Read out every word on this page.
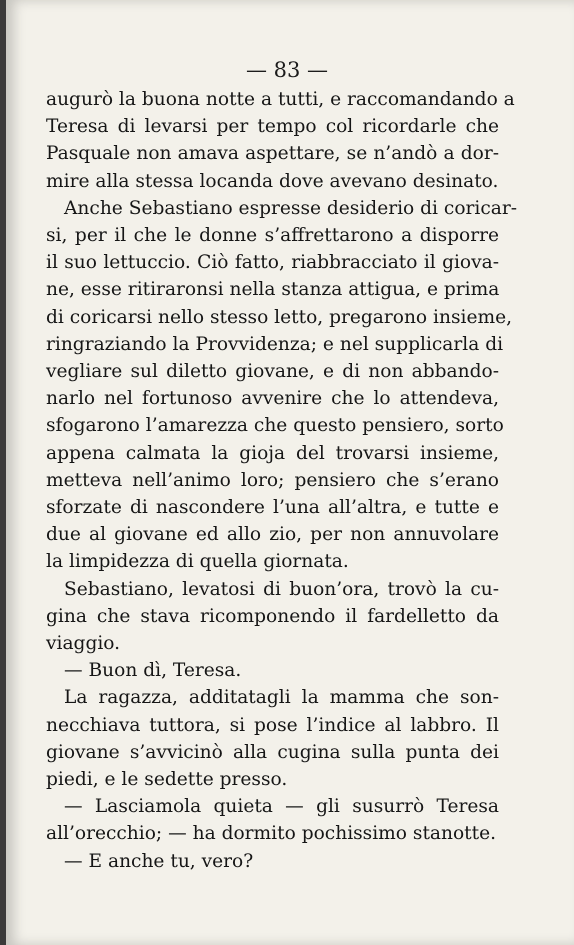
— 83 —
augurò la buona notte a tutti, e raccomandando a
Teresa di levarsi per tempo col ricordarle che
Pasquale non amava aspettare, se n’andò a dor-
mire alla stessa locanda dove avevano desinato.
Anche Sebastiano espresse desiderio di coricar-
si, per il che le donne s’affrettarono a disporre
il suo lettuccio. Ciò fatto, riabbracciato il giova-
ne, esse ritiraronsi nella stanza attigua, e prima
di coricarsi nello stesso letto, pregarono insieme,
ringraziando la Provvidenza; e nel supplicarla di
vegliare sul diletto giovane, e di non abbando-
narlo nel fortunoso avvenire che lo attendeva,
sfogarono l’amarezza che questo pensiero, sorto
appena calmata la gioja del trovarsi insieme,
metteva nell’animo loro; pensiero che s’erano
sforzate di nascondere l’una all’altra, e tutte e
due al giovane ed allo zio, per non annuvolare
la limpidezza di quella giornata.
Sebastiano, levatosi di buon’ora, trovò la cu-
gina che stava ricomponendo il fardelletto da
viaggio.
— Buon dì, Teresa.
La ragazza, additatagli la mamma che son-
necchiava tuttora, si pose l’indice al labbro. Il
giovane s’avvicinò alla cugina sulla punta dei
piedi, e le sedette presso.
— Lasciamola quieta — gli susurrò Teresa
all’orecchio; — ha dormito pochissimo stanotte.
— E anche tu, vero?
